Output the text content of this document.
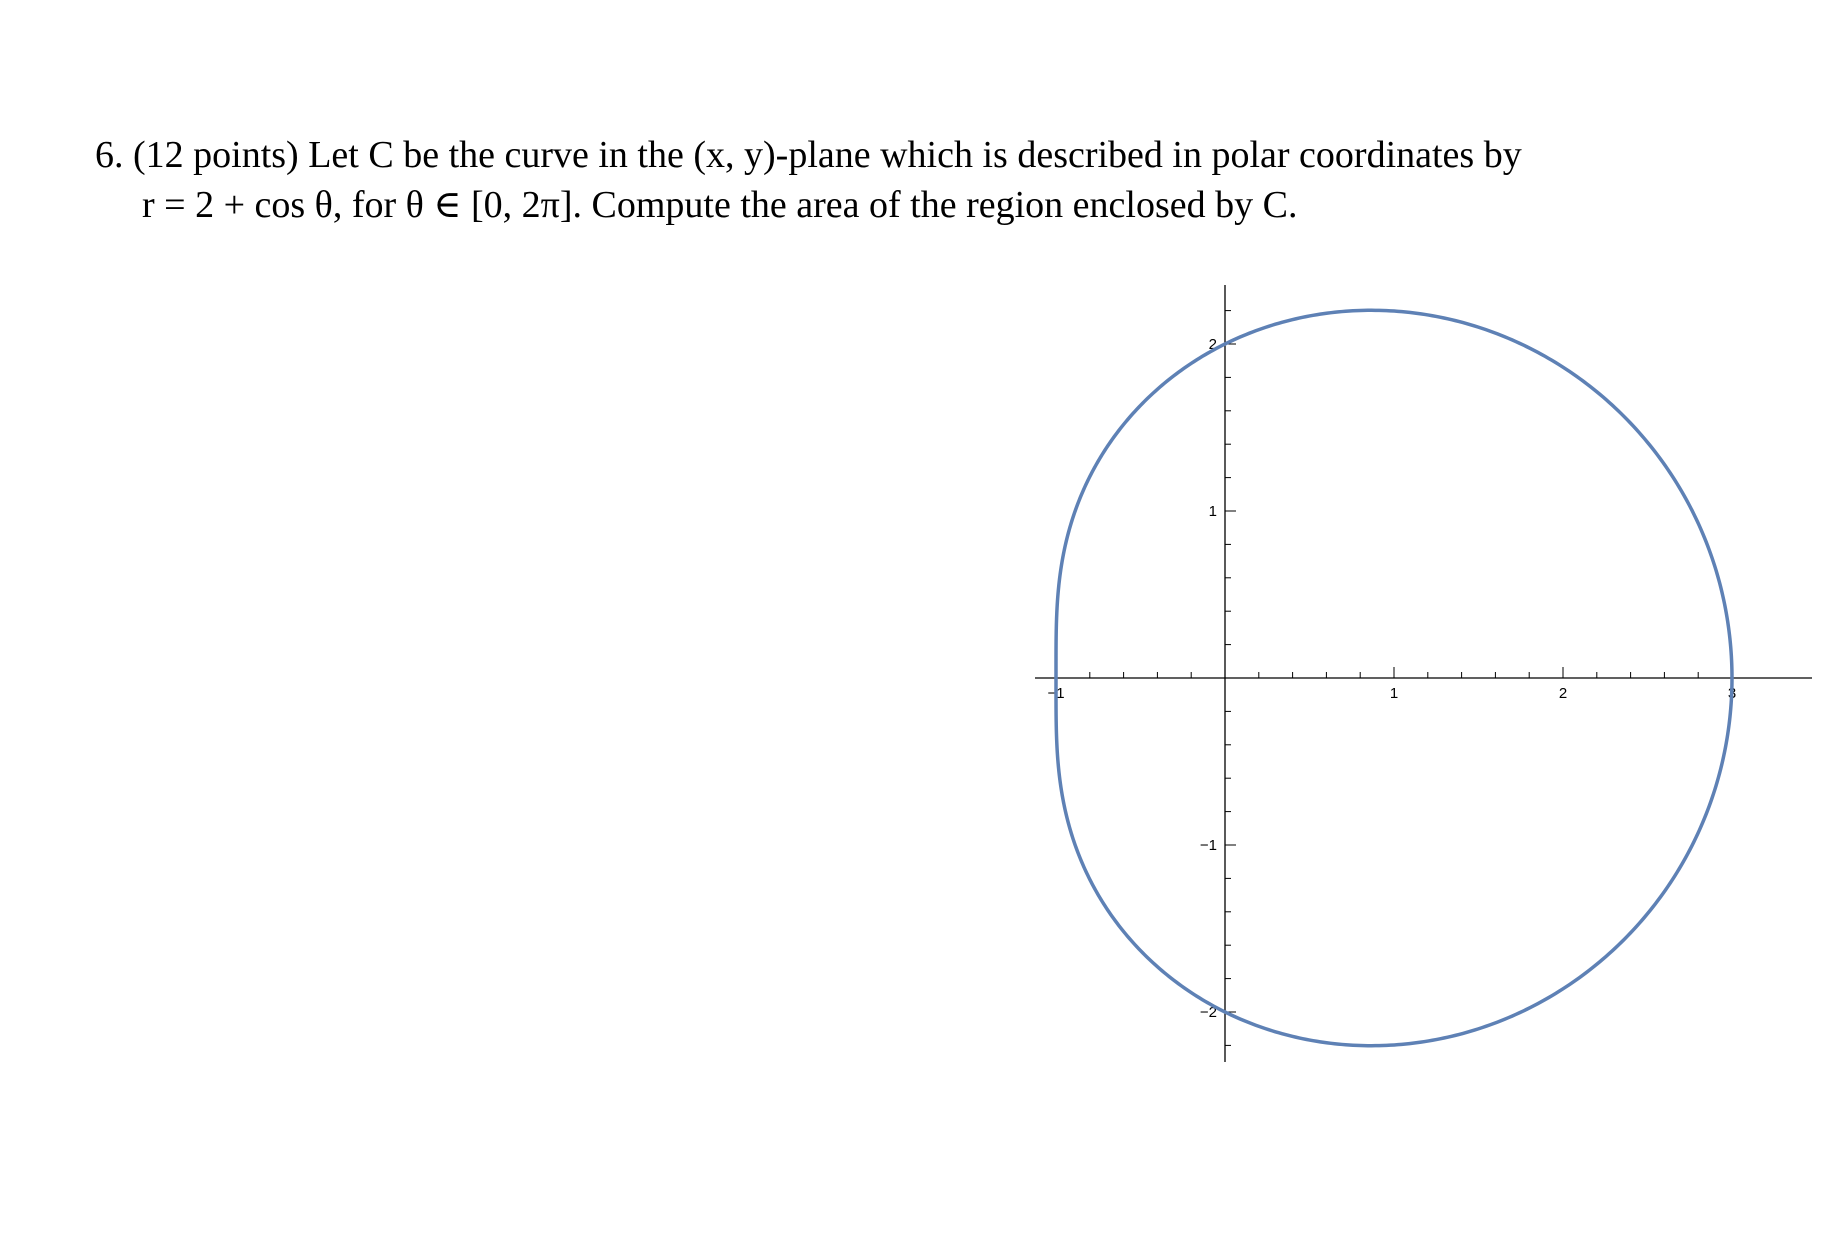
6. (12 points) Let C be the curve in the (x, y)-plane which is described in polar coordinates by
r = 2 + cos θ, for θ ∈ [0, 2π]. Compute the area of the region enclosed by C.
−1	1	2	3
2
1
−1
−2
